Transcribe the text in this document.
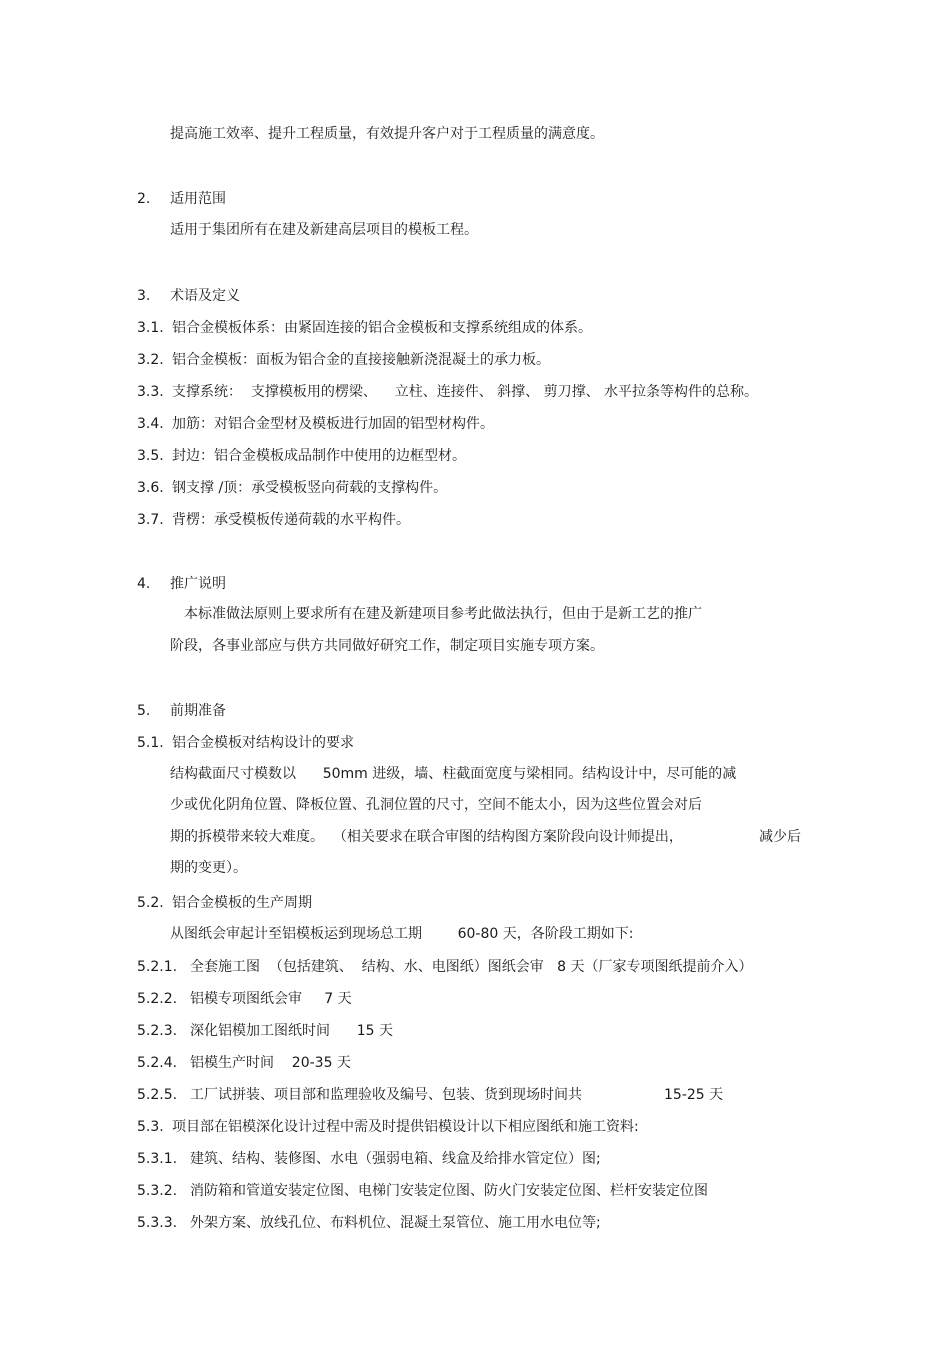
提高施工效率、提升工程质量，有效提升客户对于工程质量的满意度。
2. 适用范围
适用于集团所有在建及新建高层项目的模板工程。
3. 术语及定义
3.1. 铝合金模板体系：由紧固连接的铝合金模板和支撑系统组成的体系。
3.2. 铝合金模板：面板为铝合金的直接接触新浇混凝土的承力板。
3.3. 支撑系统：  支撑模板用的楞梁、    立柱、连接件、 斜撑、 剪刀撑、 水平拉条等构件的总称。
3.4. 加筋：对铝合金型材及模板进行加固的铝型材构件。
3.5. 封边：铝合金模板成品制作中使用的边框型材。
3.6. 钢支撑 /顶：承受模板竖向荷载的支撑构件。
3.7. 背楞：承受模板传递荷载的水平构件。
4. 推广说明
本标准做法原则上要求所有在建及新建项目参考此做法执行，但由于是新工艺的推广
阶段，各事业部应与供方共同做好研究工作，制定项目实施专项方案。
5. 前期准备
5.1. 铝合金模板对结构设计的要求
结构截面尺寸模数以      50mm 进级，墙、柱截面宽度与梁相同。结构设计中，尽可能的减
少或优化阴角位置、降板位置、孔洞位置的尺寸，空间不能太小，因为这些位置会对后
期的拆模带来较大难度。  （相关要求在联合审图的结构图方案阶段向设计师提出，	减少后
期的变更）。
5.2. 铝合金模板的生产周期
从图纸会审起计至铝模板运到现场总工期        60-80 天，各阶段工期如下:
5.2.1. 全套施工图  （包括建筑、  结构、水、电图纸）图纸会审   8 天（厂家专项图纸提前介入）
5.2.2. 铝模专项图纸会审     7 天
5.2.3. 深化铝模加工图纸时间      15 天
5.2.4. 铝模生产时间    20-35 天
5.2.5. 工厂试拼装、项目部和监理验收及编号、包装、货到现场时间共	15-25 天
5.3. 项目部在铝模深化设计过程中需及时提供铝模设计以下相应图纸和施工资料:
5.3.1. 建筑、结构、装修图、水电（强弱电箱、线盒及给排水管定位）图;
5.3.2. 消防箱和管道安装定位图、电梯门安装定位图、防火门安装定位图、栏杆安装定位图
5.3.3. 外架方案、放线孔位、布料机位、混凝土泵管位、施工用水电位等;
